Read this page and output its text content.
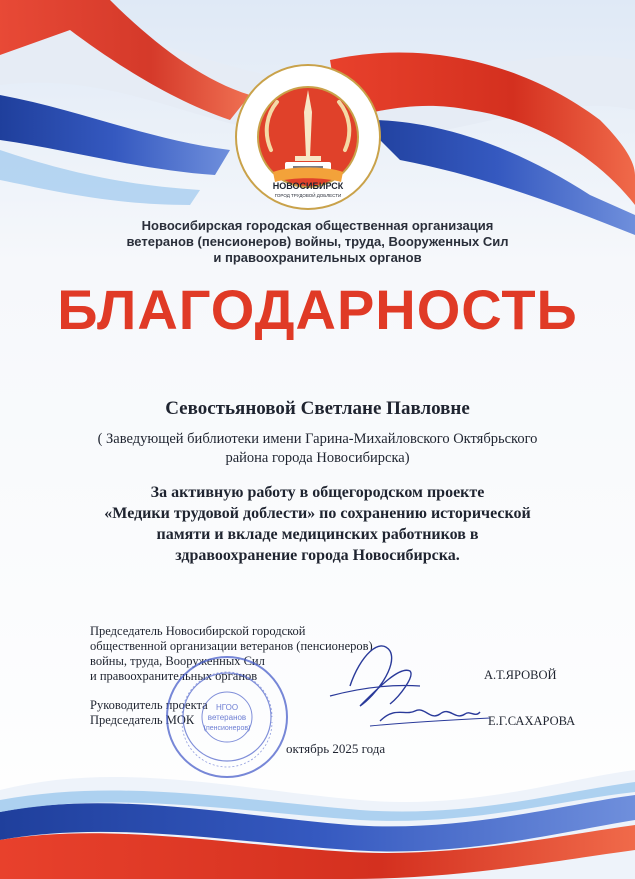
НОВОСИБИРСК
ГОРОД ТРУДОВОЙ ДОБЛЕСТИ
Новосибирская городская общественная организация
ветеранов (пенсионеров) войны, труда, Вооруженных Сил
и правоохранительных органов
БЛАГОДАРНОСТЬ
Севостьяновой Светлане Павловне
( Заведующей библиотеки имени Гарина-Михайловского Октябрьского
района города Новосибирска)
За активную работу в общегородском проекте
«Медики трудовой доблести» по сохранению исторической
памяти и вкладе медицинских работников в
здравоохранение города Новосибирска.
Председатель Новосибирской городской
общественной организации ветеранов (пенсионеров)
войны, труда, Вооруженных Сил
и правоохранительных органов	А.Т.ЯРОВОЙ
Руководитель проекта
Председатель МОК	Е.Г.САХАРОВА
октябрь 2025 года
НГОО
ветеранов
(пенсионеров)
